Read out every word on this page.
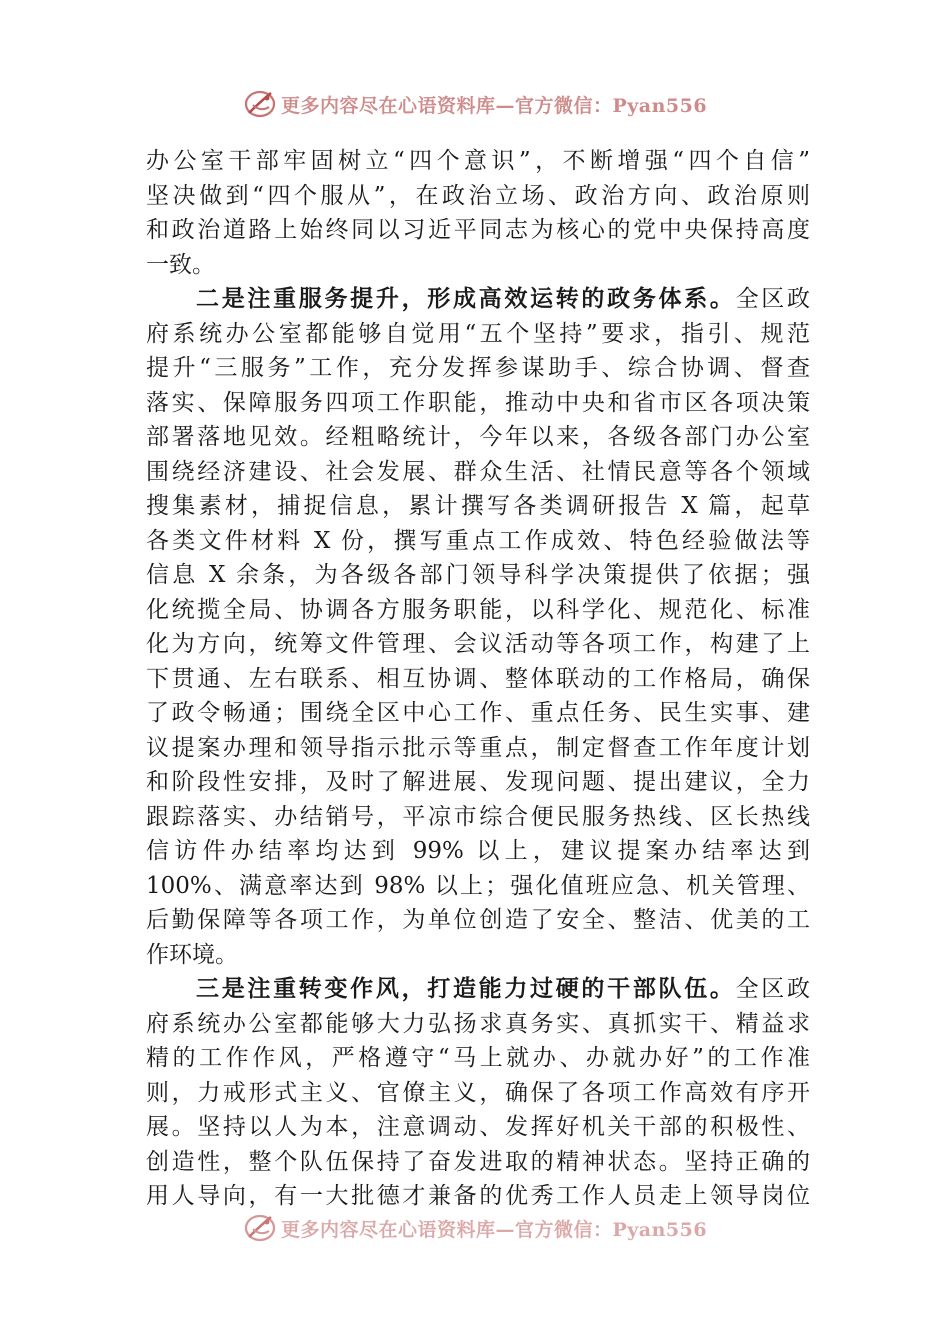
更多内容尽在心语资料库—官方微信：Pyan556
办公室干部牢固树立“四个意识”，不断增强“四个自信”
坚决做到“四个服从”，在政治立场、政治方向、政治原则
和政治道路上始终同以习近平同志为核心的党中央保持高度
一致。
二是注重服务提升，形成高效运转的政务体系。全区政
府系统办公室都能够自觉用“五个坚持”要求，指引、规范
提升“三服务”工作，充分发挥参谋助手、综合协调、督查
落实、保障服务四项工作职能，推动中央和省市区各项决策
部署落地见效。经粗略统计，今年以来，各级各部门办公室
围绕经济建设、社会发展、群众生活、社情民意等各个领域
搜集素材，捕捉信息，累计撰写各类调研报告 X 篇，起草
各类文件材料 X 份，撰写重点工作成效、特色经验做法等
信息 X 余条，为各级各部门领导科学决策提供了依据；强
化统揽全局、协调各方服务职能，以科学化、规范化、标准
化为方向，统筹文件管理、会议活动等各项工作，构建了上
下贯通、左右联系、相互协调、整体联动的工作格局，确保
了政令畅通；围绕全区中心工作、重点任务、民生实事、建
议提案办理和领导指示批示等重点，制定督查工作年度计划
和阶段性安排，及时了解进展、发现问题、提出建议，全力
跟踪落实、办结销号，平凉市综合便民服务热线、区长热线
信访件办结率均达到 99% 以上，建议提案办结率达到
100%、满意率达到 98% 以上；强化值班应急、机关管理、
后勤保障等各项工作，为单位创造了安全、整洁、优美的工
作环境。
三是注重转变作风，打造能力过硬的干部队伍。全区政
府系统办公室都能够大力弘扬求真务实、真抓实干、精益求
精的工作作风，严格遵守“马上就办、办就办好”的工作准
则，力戒形式主义、官僚主义，确保了各项工作高效有序开
展。坚持以人为本，注意调动、发挥好机关干部的积极性、
创造性，整个队伍保持了奋发进取的精神状态。坚持正确的
用人导向，有一大批德才兼备的优秀工作人员走上领导岗位
更多内容尽在心语资料库—官方微信：Pyan556
